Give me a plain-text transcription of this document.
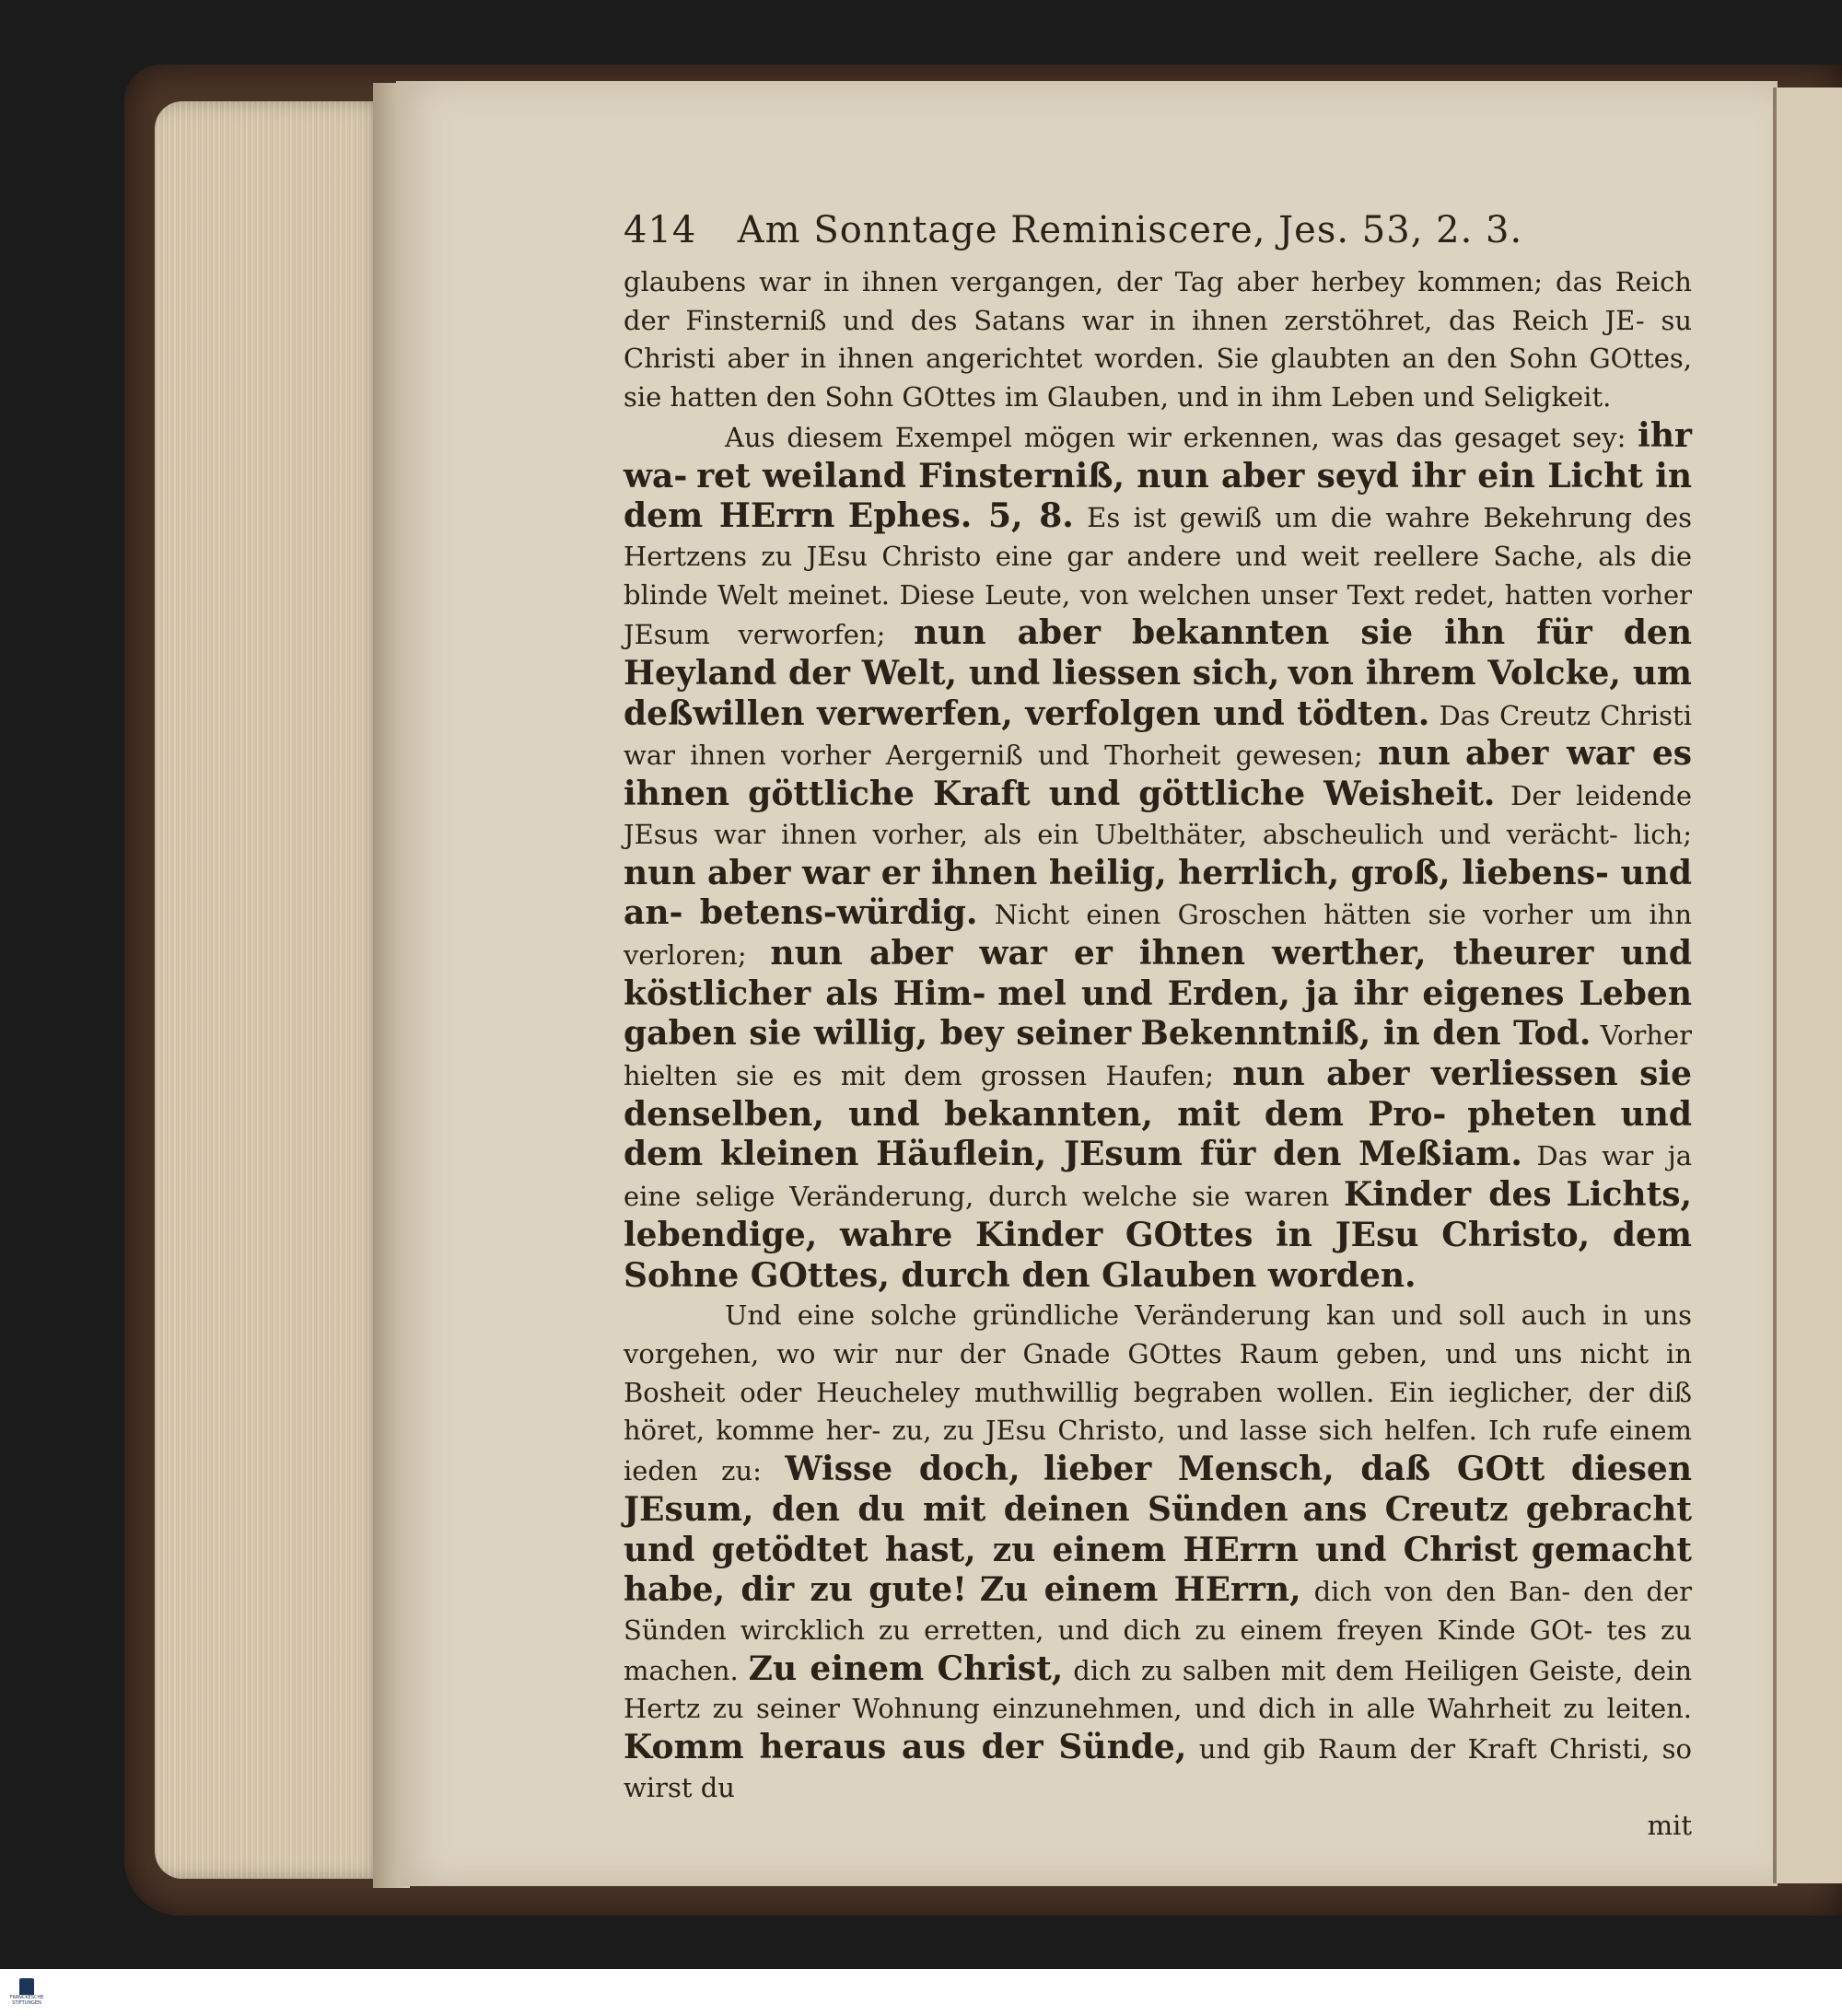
414	Am Sonntage Reminiscere, Jes. 53, 2. 3.

glaubens war in ihnen vergangen, der Tag aber herbey kommen; das Reich der Finsterniß und des Satans war in ihnen zerstöhret, das Reich JE- su Christi aber in ihnen angerichtet worden. Sie glaubten an den Sohn GOttes, sie hatten den Sohn GOttes im Glauben, und in ihm Leben und Seligkeit.

Aus diesem Exempel mögen wir erkennen, was das gesaget sey: ihr wa- ret weiland Finsterniß, nun aber seyd ihr ein Licht in dem HErrn Ephes. 5, 8. Es ist gewiß um die wahre Bekehrung des Hertzens zu JEsu Christo eine gar andere und weit reellere Sache, als die blinde Welt meinet. Diese Leute, von welchen unser Text redet, hatten vorher JEsum verworfen; nun aber bekannten sie ihn für den Heyland der Welt, und liessen sich, von ihrem Volcke, um deßwillen verwerfen, verfolgen und tödten. Das Creutz Christi war ihnen vorher Aergerniß und Thorheit gewesen; nun aber war es ihnen göttliche Kraft und göttliche Weisheit. Der leidende JEsus war ihnen vorher, als ein Ubelthäter, abscheulich und verächt- lich; nun aber war er ihnen heilig, herrlich, groß, liebens- und an- betens-würdig. Nicht einen Groschen hätten sie vorher um ihn verloren; nun aber war er ihnen werther, theurer und köstlicher als Him- mel und Erden, ja ihr eigenes Leben gaben sie willig, bey seiner Bekenntniß, in den Tod. Vorher hielten sie es mit dem grossen Haufen; nun aber verliessen sie denselben, und bekannten, mit dem Pro- pheten und dem kleinen Häuflein, JEsum für den Meßiam. Das war ja eine selige Veränderung, durch welche sie waren Kinder des Lichts, lebendige, wahre Kinder GOttes in JEsu Christo, dem Sohne GOttes, durch den Glauben worden.

Und eine solche gründliche Veränderung kan und soll auch in uns vorgehen, wo wir nur der Gnade GOttes Raum geben, und uns nicht in Bosheit oder Heucheley muthwillig begraben wollen. Ein ieglicher, der diß höret, komme her- zu, zu JEsu Christo, und lasse sich helfen. Ich rufe einem ieden zu: Wisse doch, lieber Mensch, daß GOtt diesen JEsum, den du mit deinen Sünden ans Creutz gebracht und getödtet hast, zu einem HErrn und Christ gemacht habe, dir zu gute! Zu einem HErrn, dich von den Ban- den der Sünden wircklich zu erretten, und dich zu einem freyen Kinde GOt- tes zu machen. Zu einem Christ, dich zu salben mit dem Heiligen Geiste, dein Hertz zu seiner Wohnung einzunehmen, und dich in alle Wahrheit zu leiten. Komm heraus aus der Sünde, und gib Raum der Kraft Christi, so wirst du

mit
FRANCKESCHE STIFTUNGEN
